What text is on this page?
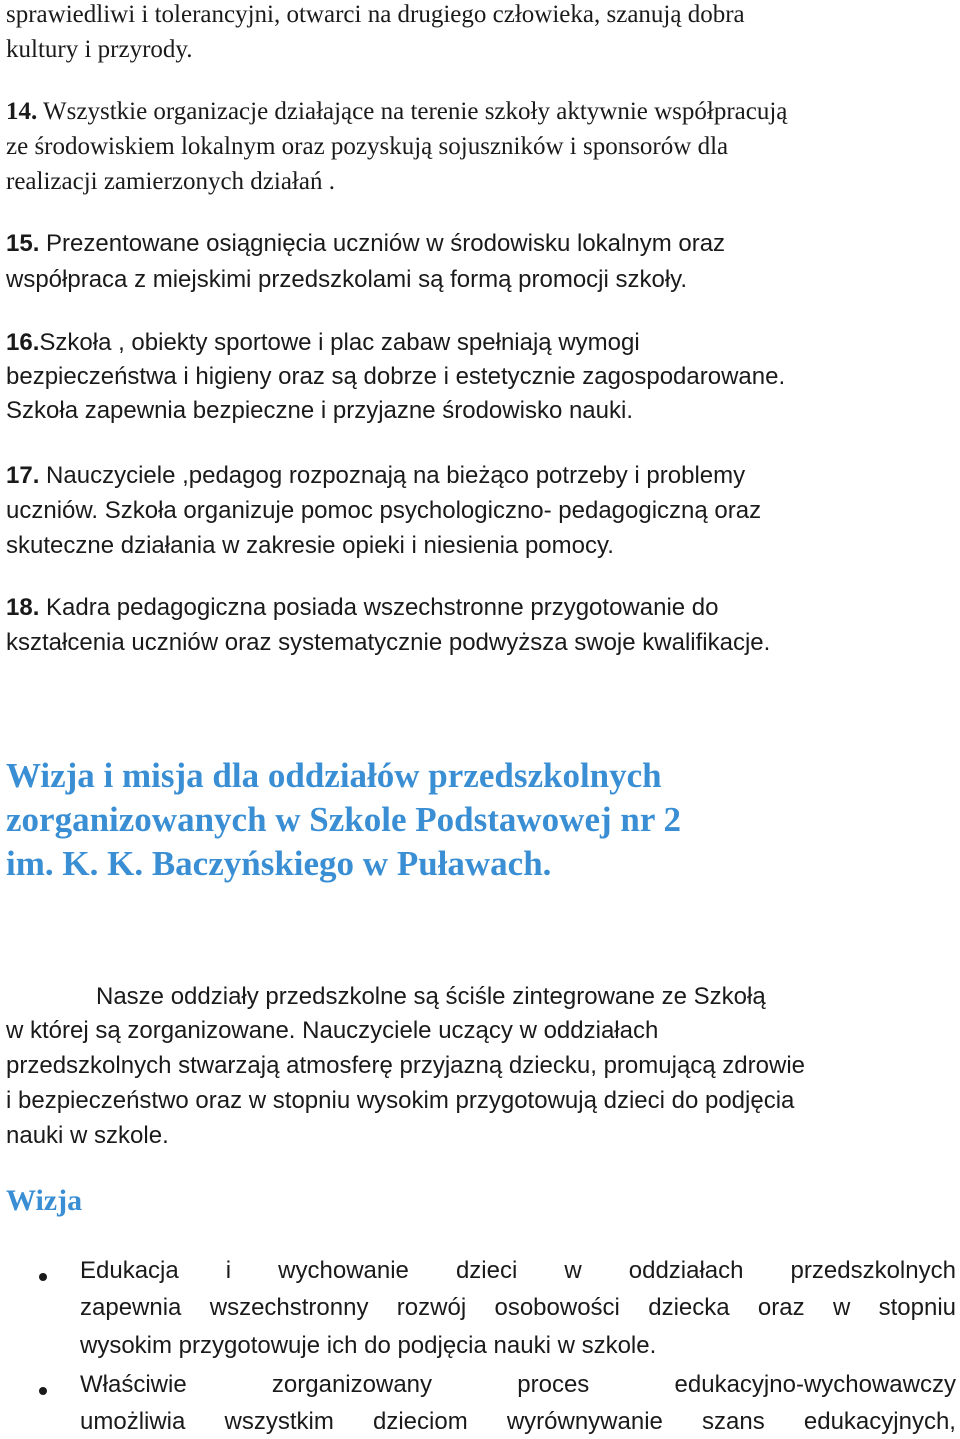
sprawiedliwi i tolerancyjni, otwarci na drugiego człowieka, szanują dobra
kultury i przyrody.
14. Wszystkie organizacje działające na terenie szkoły aktywnie współpracują
ze środowiskiem lokalnym oraz pozyskują sojuszników i sponsorów dla
realizacji zamierzonych działań .
15. Prezentowane osiągnięcia uczniów w środowisku lokalnym oraz
współpraca z miejskimi przedszkolami są formą promocji szkoły.
16.Szkoła , obiekty sportowe i plac zabaw spełniają wymogi
bezpieczeństwa i higieny oraz są dobrze i estetycznie zagospodarowane.
Szkoła zapewnia bezpieczne i przyjazne środowisko nauki.
17. Nauczyciele ,pedagog rozpoznają na bieżąco potrzeby i problemy
uczniów. Szkoła organizuje pomoc psychologiczno- pedagogiczną oraz
skuteczne działania w zakresie opieki i niesienia pomocy.
18. Kadra pedagogiczna posiada wszechstronne przygotowanie do
kształcenia uczniów oraz systematycznie podwyższa swoje kwalifikacje.
Wizja i misja dla oddziałów przedszkolnych
zorganizowanych w Szkole Podstawowej nr 2
im. K. K. Baczyńskiego w Puławach.
Nasze oddziały przedszkolne są ściśle zintegrowane ze Szkołą
w której są zorganizowane. Nauczyciele uczący w oddziałach
przedszkolnych stwarzają atmosferę przyjazną dziecku, promującą zdrowie
i bezpieczeństwo oraz w stopniu wysokim przygotowują dzieci do podjęcia
nauki w szkole.
Wizja
Edukacja i wychowanie dzieci w oddziałach przedszkolnych
zapewnia wszechstronny rozwój osobowości dziecka oraz w stopniu
wysokim przygotowuje ich do podjęcia nauki w szkole.
Właściwie	zorganizowany	proces	edukacyjno-wychowawczy
umożliwia wszystkim dzieciom wyrównywanie szans edukacyjnych,
